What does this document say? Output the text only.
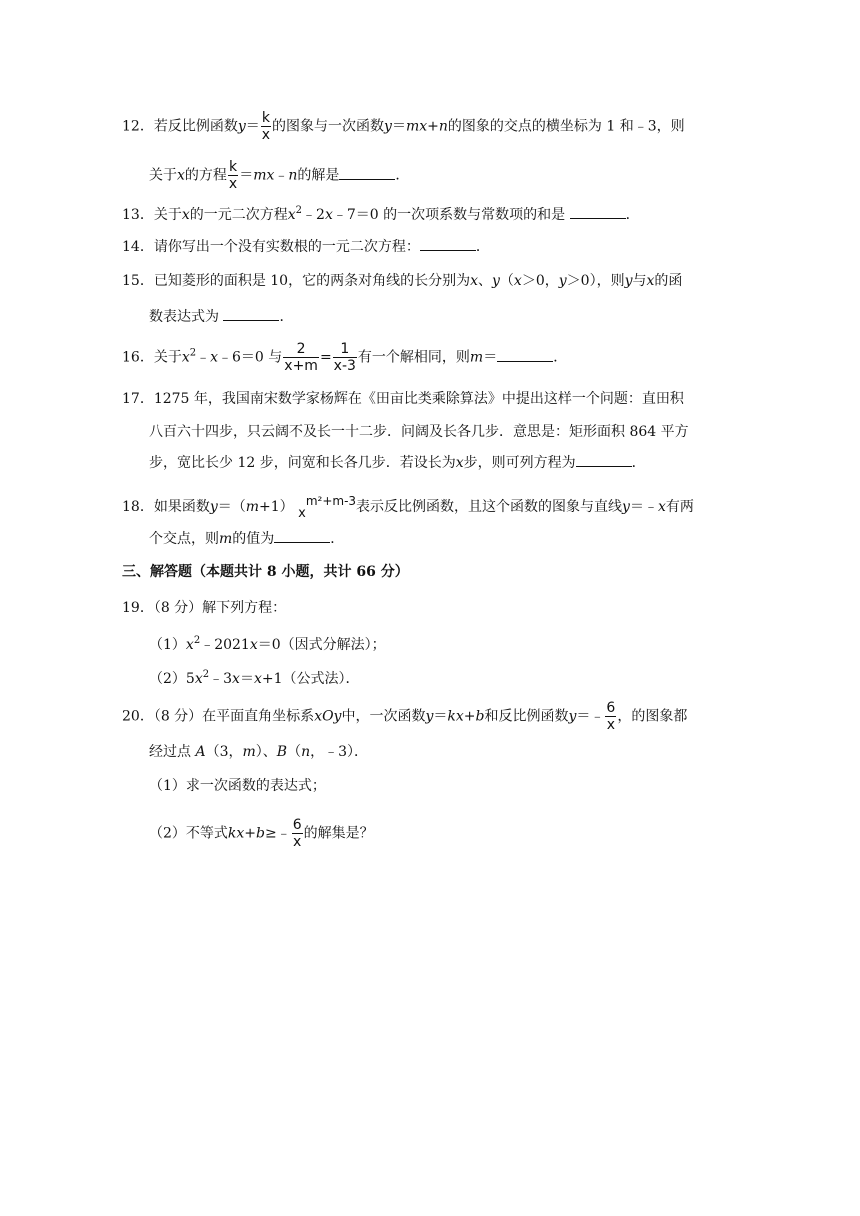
12．若反比例函数$y= \frac{k}{x}$ 的图象与一次函数y＝mx+n的图象的交点的横坐标为 1 和﹣3，则
关于x的方程 $\frac{k}{x}$ ＝mx﹣n的解是	．
13．关于x的一元二次方程$x^2﹣2x﹣7=0$ 的一次项系数与常数项的和是	．
14．请你写出一个没有实数根的一元二次方程：	．
15．已知菱形的面积是 10，它的两条对角线的长分别为x、y（x＞0，y＞0），则y与x的函
数表达式为	．
16．关于$x^2﹣x﹣6=0$ 与 $\frac{2}{x+m} = \frac{1}{x-3}$ 有一个解相同，则m＝	．
17．1275 年，我国南宋数学家杨辉在《田亩比类乘除算法》中提出这样一个问题：直田积
八百六十四步，只云阔不及长一十二步．问阔及长各几步．意思是：矩形面积 864 平方
步，宽比长少 12 步，问宽和长各几步．若设长为x步，则可列方程为	．
18．如果函数y＝（m+1） xm²+m-3表示反比例函数，且这个函数的图象与直线y＝﹣x有两
个交点，则m的值为	．
三、解答题（本题共计 8 小题，共计 66 分）
19．（8 分）解下列方程：
$(1)x^2﹣2021x=0$（因式分解法）；
$(2)5x^2﹣3x=x+1$（公式法）．
20．（8 分）在平面直角坐标系xOy中，一次函数y＝kx+b和反比例函数y＝﹣ $\frac{6}{x}$ ，的图象都
经过点 A（3，m）、B（n，﹣3）．
（1）求一次函数的表达式；
（2）不等式kx+b≥﹣ $\frac{6}{x}$ 的解集是？
